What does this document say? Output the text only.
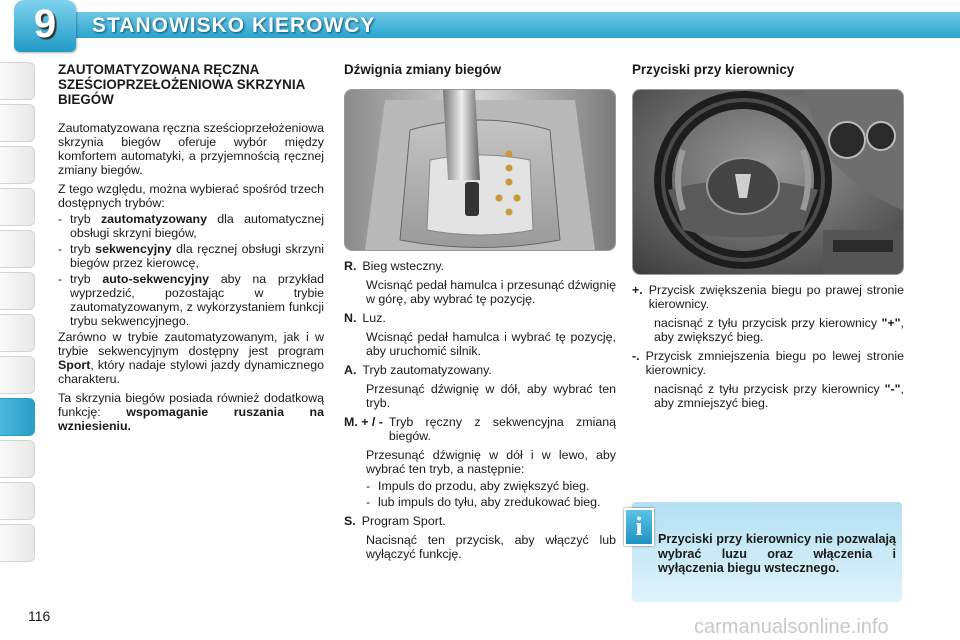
9	STANOWISKO KIEROWCY
ZAUTOMATYZOWANA RĘCZNA SZEŚCIOPRZEŁOŻENIOWA SKRZYNIA BIEGÓW

Zautomatyzowana ręczna sześcioprzełożeniowa skrzynia biegów oferuje wybór między komfortem automatyki, a przyjemnością ręcznej zmiany biegów.

Z tego względu, można wybierać spośród trzech dostępnych trybów:

- tryb zautomatyzowany dla automatycznej obsługi skrzyni biegów,
- tryb sekwencyjny dla ręcznej obsługi skrzyni biegów przez kierowcę,
- tryb auto-sekwencyjny aby na przykład wyprzedzić, pozostając w trybie zautomatyzowanym, z wykorzystaniem funkcji trybu sekwencyjnego.

Zarówno w trybie zautomatyzowanym, jak i w trybie sekwencyjnym dostępny jest program Sport, który nadaje stylowi jazdy dynamicznego charakteru.

Ta skrzynia biegów posiada również dodatkową funkcję: wspomaganie ruszania na wzniesieniu.

Dźwignia zmiany biegów
R. Bieg wsteczny.
Wcisnąć pedał hamulca i przesunąć dźwignię w górę, aby wybrać tę pozycję.
N. Luz.
Wcisnąć pedał hamulca i wybrać tę pozycję, aby uruchomić silnik.
A. Tryb zautomatyzowany.
Przesunąć dźwignię w dół, aby wybrać ten tryb.
M. + / - Tryb ręczny z sekwencyjna zmianą biegów.
Przesunąć dźwignię w dół i w lewo, aby wybrać ten tryb, a następnie:
- Impuls do przodu, aby zwiększyć bieg.
- lub impuls do tyłu, aby zredukować bieg.
S. Program Sport.
Nacisnąć ten przycisk, aby włączyć lub wyłączyć funkcję.
Przyciski przy kierownicy
+. Przycisk zwiększenia biegu po prawej stronie kierownicy.
nacisnąć z tyłu przycisk przy kierownicy "+", aby zwiększyć bieg.
-. Przycisk zmniejszenia biegu po lewej stronie kierownicy.
nacisnąć z tyłu przycisk przy kierownicy "-", aby zmniejszyć bieg.
i	Przyciski przy kierownicy nie pozwalają wybrać luzu oraz włączenia i wyłączenia biegu wstecznego.
116	carmanualsonline.info
